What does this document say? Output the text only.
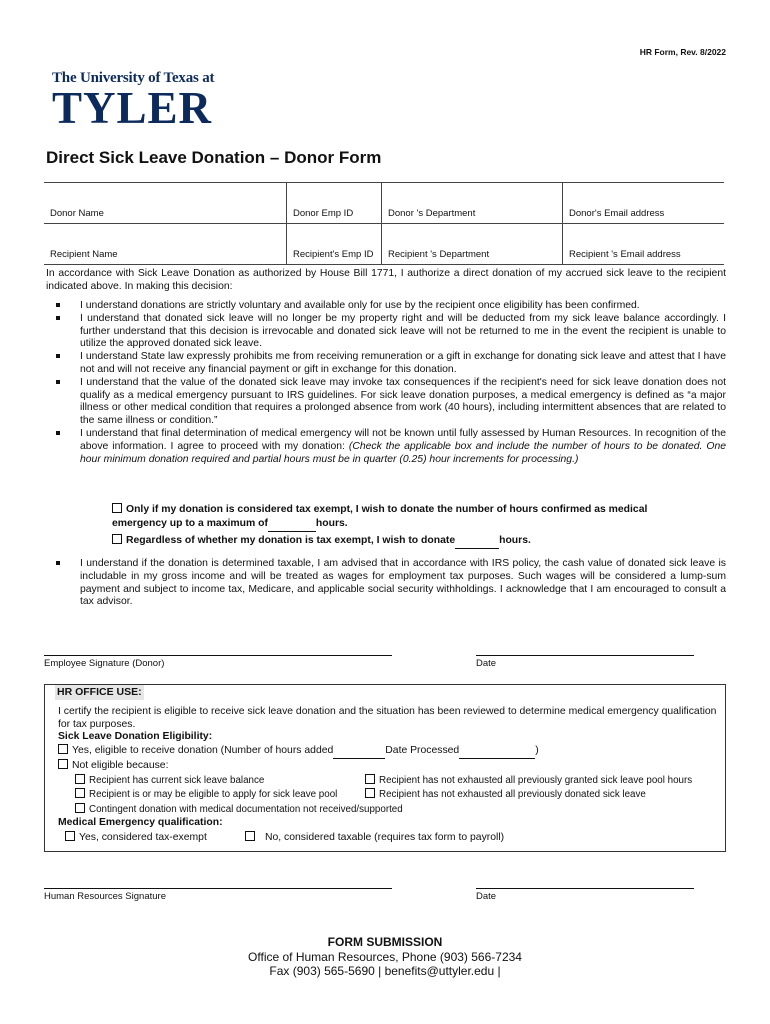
HR Form, Rev. 8/2022
The University of Texas at
TYLER
Direct Sick Leave Donation – Donor Form
Donor Name	Donor Emp ID	Donor 's Department	Donor's Email address
Recipient Name	Recipient's Emp ID	Recipient 's Department	Recipient 's Email address
In accordance with Sick Leave Donation as authorized by House Bill 1771, I authorize a direct donation of my accrued sick leave to the recipient indicated above. In making this decision:
I understand donations are strictly voluntary and available only for use by the recipient once eligibility has been confirmed.
I understand that donated sick leave will no longer be my property right and will be deducted from my sick leave balance accordingly. I further understand that this decision is irrevocable and donated sick leave will not be returned to me in the event the recipient is unable to utilize the approved donated sick leave.
I understand State law expressly prohibits me from receiving remuneration or a gift in exchange for donating sick leave and attest that I have not and will not receive any financial payment or gift in exchange for this donation.
I understand that the value of the donated sick leave may invoke tax consequences if the recipient's need for sick leave donation does not qualify as a medical emergency pursuant to IRS guidelines. For sick leave donation purposes, a medical emergency is defined as “a major illness or other medical condition that requires a prolonged absence from work (40 hours), including intermittent absences that are related to the same illness or condition.”
I understand that final determination of medical emergency will not be known until fully assessed by Human Resources. In recognition of the above information. I agree to proceed with my donation: (Check the applicable box and include the number of hours to be donated. One hour minimum donation required and partial hours must be in quarter (0.25) hour increments for processing.)
Only if my donation is considered tax exempt, I wish to donate the number of hours confirmed as medical
emergency up to a maximum of	hours.
Regardless of whether my donation is tax exempt, I wish to donate	hours.
I understand if the donation is determined taxable, I am advised that in accordance with IRS policy, the cash value of donated sick leave is includable in my gross income and will be treated as wages for employment tax purposes. Such wages will be considered a lump-sum payment and subject to income tax, Medicare, and applicable social security withholdings. I acknowledge that I am encouraged to consult a tax advisor.
Employee Signature (Donor)	Date
HR OFFICE USE:
I certify the recipient is eligible to receive sick leave donation and the situation has been reviewed to determine medical emergency qualification for tax purposes.
Sick Leave Donation Eligibility:
Yes, eligible to receive donation (Number of hours added	Date Processed	)
Not eligible because:
Recipient has current sick leave balance	Recipient has not exhausted all previously granted sick leave pool hours
Recipient is or may be eligible to apply for sick leave pool	Recipient has not exhausted all previously donated sick leave
Contingent donation with medical documentation not received/supported
Medical Emergency qualification:
Yes, considered tax-exempt	No, considered taxable (requires tax form to payroll)
Human Resources Signature	Date
FORM SUBMISSION
Office of Human Resources, Phone (903) 566-7234
Fax (903) 565-5690 | benefits@uttyler.edu |
